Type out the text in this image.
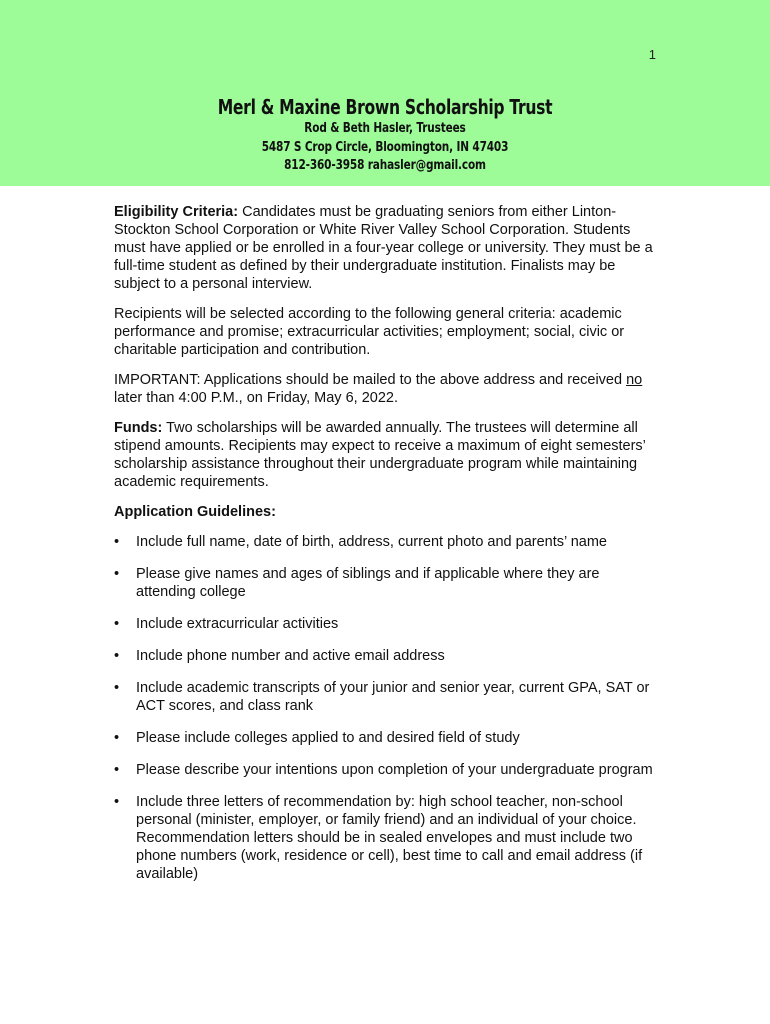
1
Merl & Maxine Brown Scholarship Trust
Rod & Beth Hasler, Trustees
5487 S Crop Circle, Bloomington, IN 47403
812-360-3958 rahasler@gmail.com

Eligibility Criteria: Candidates must be graduating seniors from either Linton-Stockton School Corporation or White River Valley School Corporation. Students must have applied or be enrolled in a four-year college or university. They must be a full-time student as defined by their undergraduate institution. Finalists may be subject to a personal interview.

Recipients will be selected according to the following general criteria: academic performance and promise; extracurricular activities; employment; social, civic or charitable participation and contribution.

IMPORTANT: Applications should be mailed to the above address and received no later than 4:00 P.M., on Friday, May 6, 2022.

Funds: Two scholarships will be awarded annually. The trustees will determine all stipend amounts. Recipients may expect to receive a maximum of eight semesters’ scholarship assistance throughout their undergraduate program while maintaining academic requirements.

Application Guidelines:

• Include full name, date of birth, address, current photo and parents’ name
• Please give names and ages of siblings and if applicable where they are attending college
• Include extracurricular activities
• Include phone number and active email address
• Include academic transcripts of your junior and senior year, current GPA, SAT or ACT scores, and class rank
• Please include colleges applied to and desired field of study
• Please describe your intentions upon completion of your undergraduate program
• Include three letters of recommendation by: high school teacher, non-school personal (minister, employer, or family friend) and an individual of your choice. Recommendation letters should be in sealed envelopes and must include two phone numbers (work, residence or cell), best time to call and email address (if available)
